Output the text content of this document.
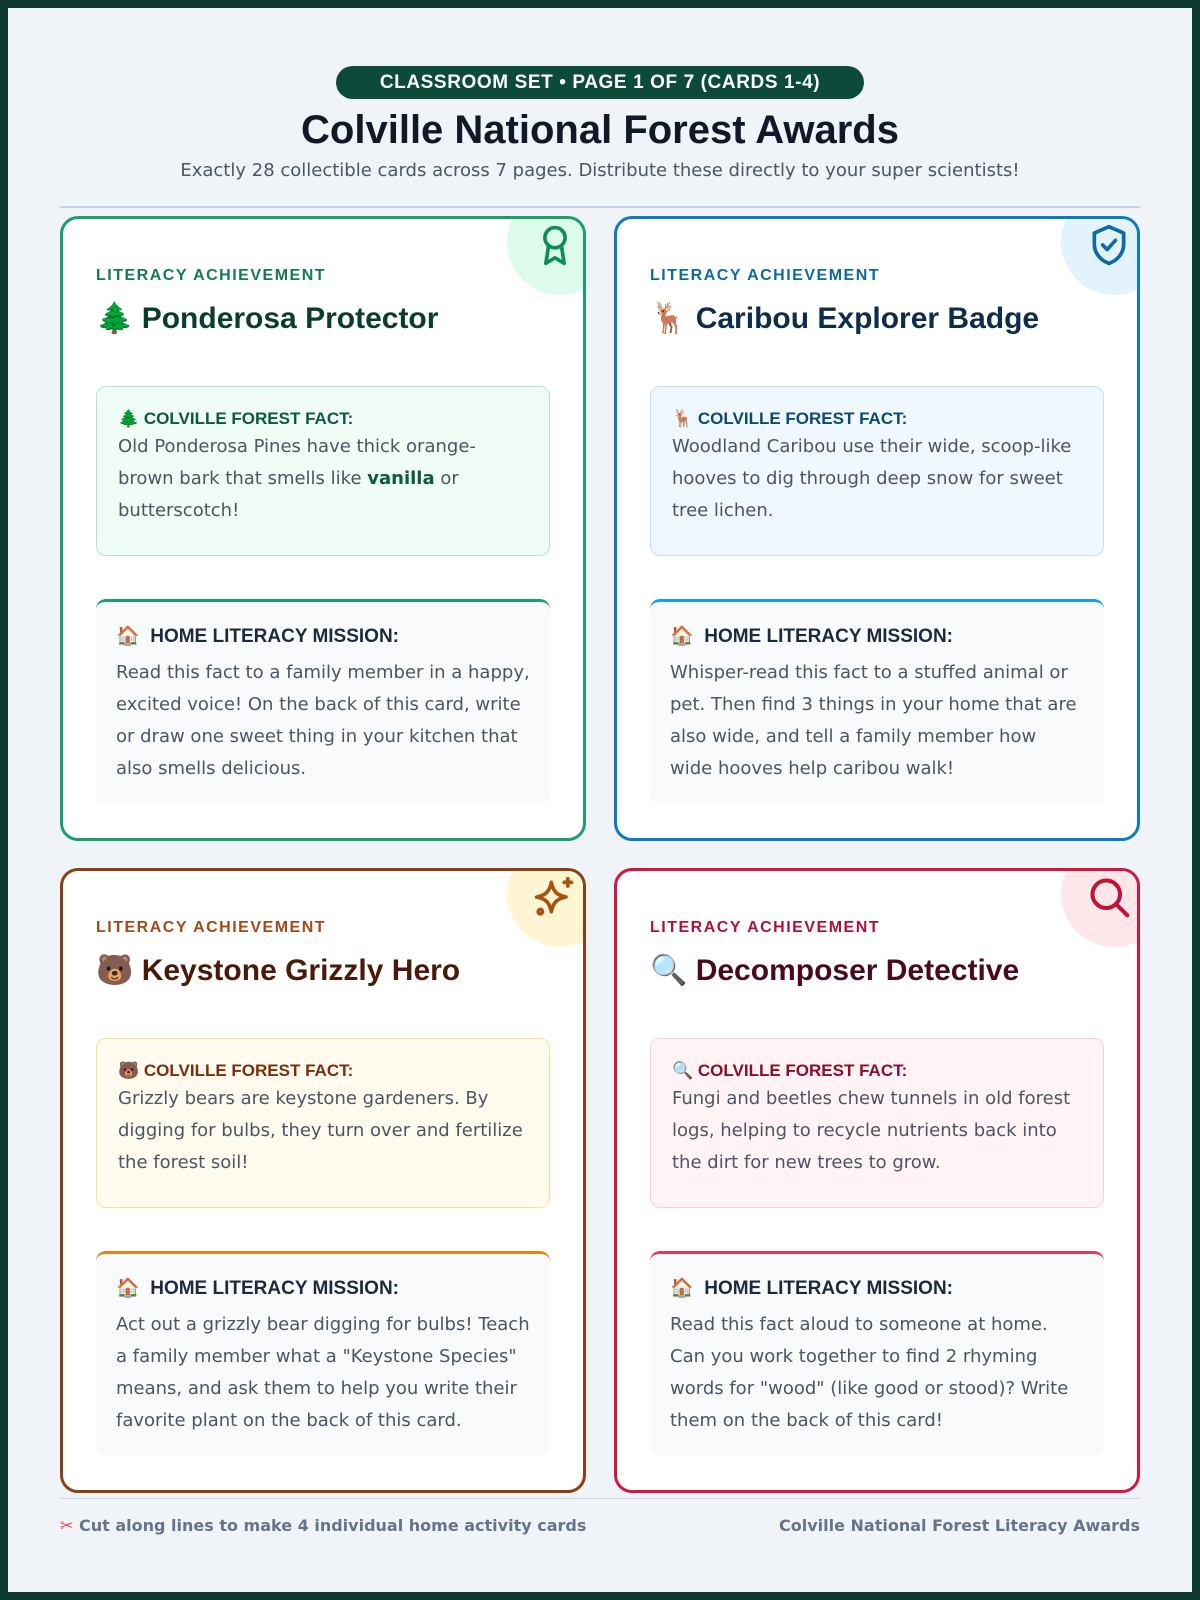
CLASSROOM SET • PAGE 1 OF 7 (CARDS 1-4)
Colville National Forest Awards
Exactly 28 collectible cards across 7 pages. Distribute these directly to your super scientists!
LITERACY ACHIEVEMENT
🌲 Ponderosa Protector
🌲 COLVILLE FOREST FACT:
Old Ponderosa Pines have thick orange-brown bark that smells like vanilla or butterscotch!
🏠 HOME LITERACY MISSION:
Read this fact to a family member in a happy, excited voice! On the back of this card, write or draw one sweet thing in your kitchen that also smells delicious.
LITERACY ACHIEVEMENT
🦌 Caribou Explorer Badge
🦌 COLVILLE FOREST FACT:
Woodland Caribou use their wide, scoop-like hooves to dig through deep snow for sweet tree lichen.
🏠 HOME LITERACY MISSION:
Whisper-read this fact to a stuffed animal or pet. Then find 3 things in your home that are also wide, and tell a family member how wide hooves help caribou walk!
LITERACY ACHIEVEMENT
🐻 Keystone Grizzly Hero
🐻 COLVILLE FOREST FACT:
Grizzly bears are keystone gardeners. By digging for bulbs, they turn over and fertilize the forest soil!
🏠 HOME LITERACY MISSION:
Act out a grizzly bear digging for bulbs! Teach a family member what a "Keystone Species" means, and ask them to help you write their favorite plant on the back of this card.
LITERACY ACHIEVEMENT
🔍 Decomposer Detective
🔍 COLVILLE FOREST FACT:
Fungi and beetles chew tunnels in old forest logs, helping to recycle nutrients back into the dirt for new trees to grow.
🏠 HOME LITERACY MISSION:
Read this fact aloud to someone at home. Can you work together to find 2 rhyming words for "wood" (like good or stood)? Write them on the back of this card!
✂ Cut along lines to make 4 individual home activity cards	Colville National Forest Literacy Awards
